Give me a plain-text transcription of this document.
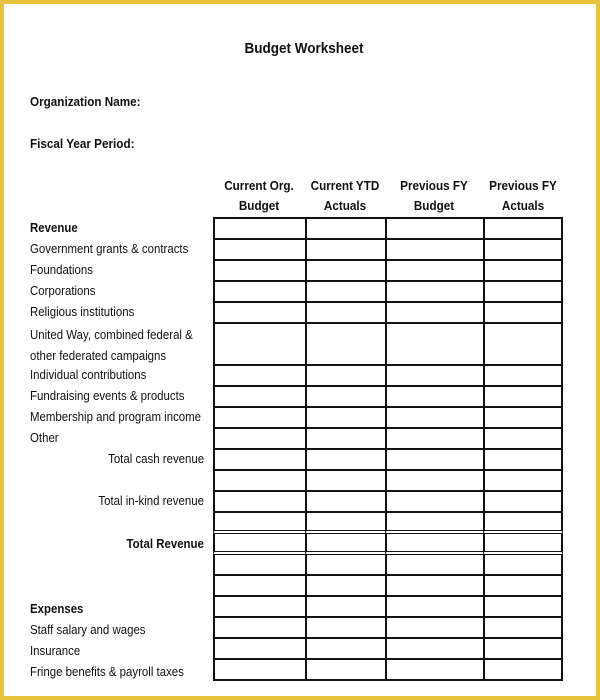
Budget Worksheet
Organization Name:
Fiscal Year Period:
Current Org.
Budget
Current YTD
Actuals
Previous FY
Budget
Previous FY
Actuals
Revenue
Government grants & contracts
Foundations
Corporations
Religious institutions
United Way, combined federal & other federated campaigns
Individual contributions
Fundraising events & products
Membership and program income
Other
Total cash revenue
Total in-kind revenue
Total Revenue
Expenses
Staff salary and wages
Insurance
Fringe benefits & payroll taxes
